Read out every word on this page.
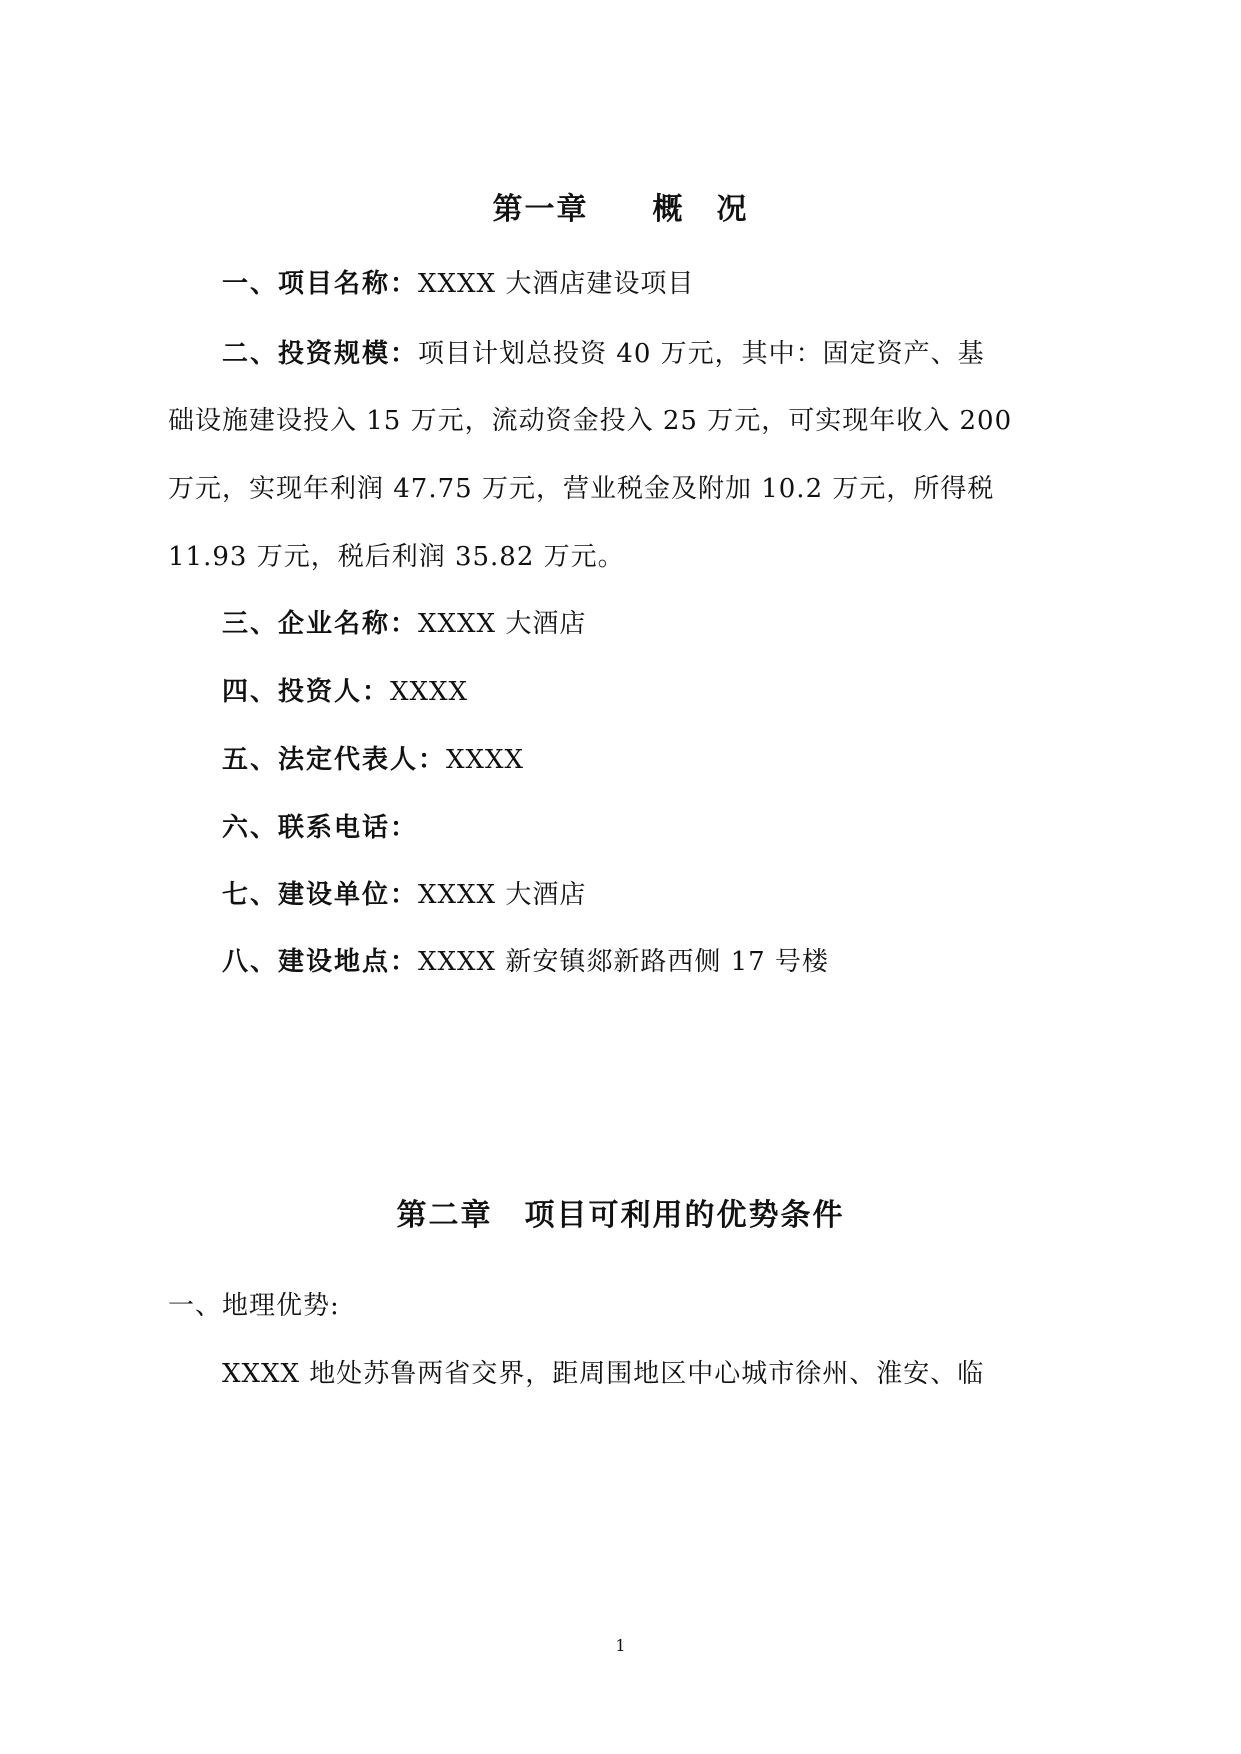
第一章　　概　况
一、项目名称：XXXX 大酒店建设项目
二、投资规模：项目计划总投资 40 万元，其中：固定资产、基
础设施建设投入 15 万元，流动资金投入 25 万元，可实现年收入 200
万元，实现年利润 47.75 万元，营业税金及附加 10.2 万元，所得税
11.93 万元，税后利润 35.82 万元。
三、企业名称：XXXX 大酒店
四、投资人：XXXX
五、法定代表人：XXXX
六、联系电话：
七、建设单位：XXXX 大酒店
八、建设地点：XXXX 新安镇郯新路西侧 17 号楼
第二章　项目可利用的优势条件
一、地理优势:
XXXX 地处苏鲁两省交界，距周围地区中心城市徐州、淮安、临
1
